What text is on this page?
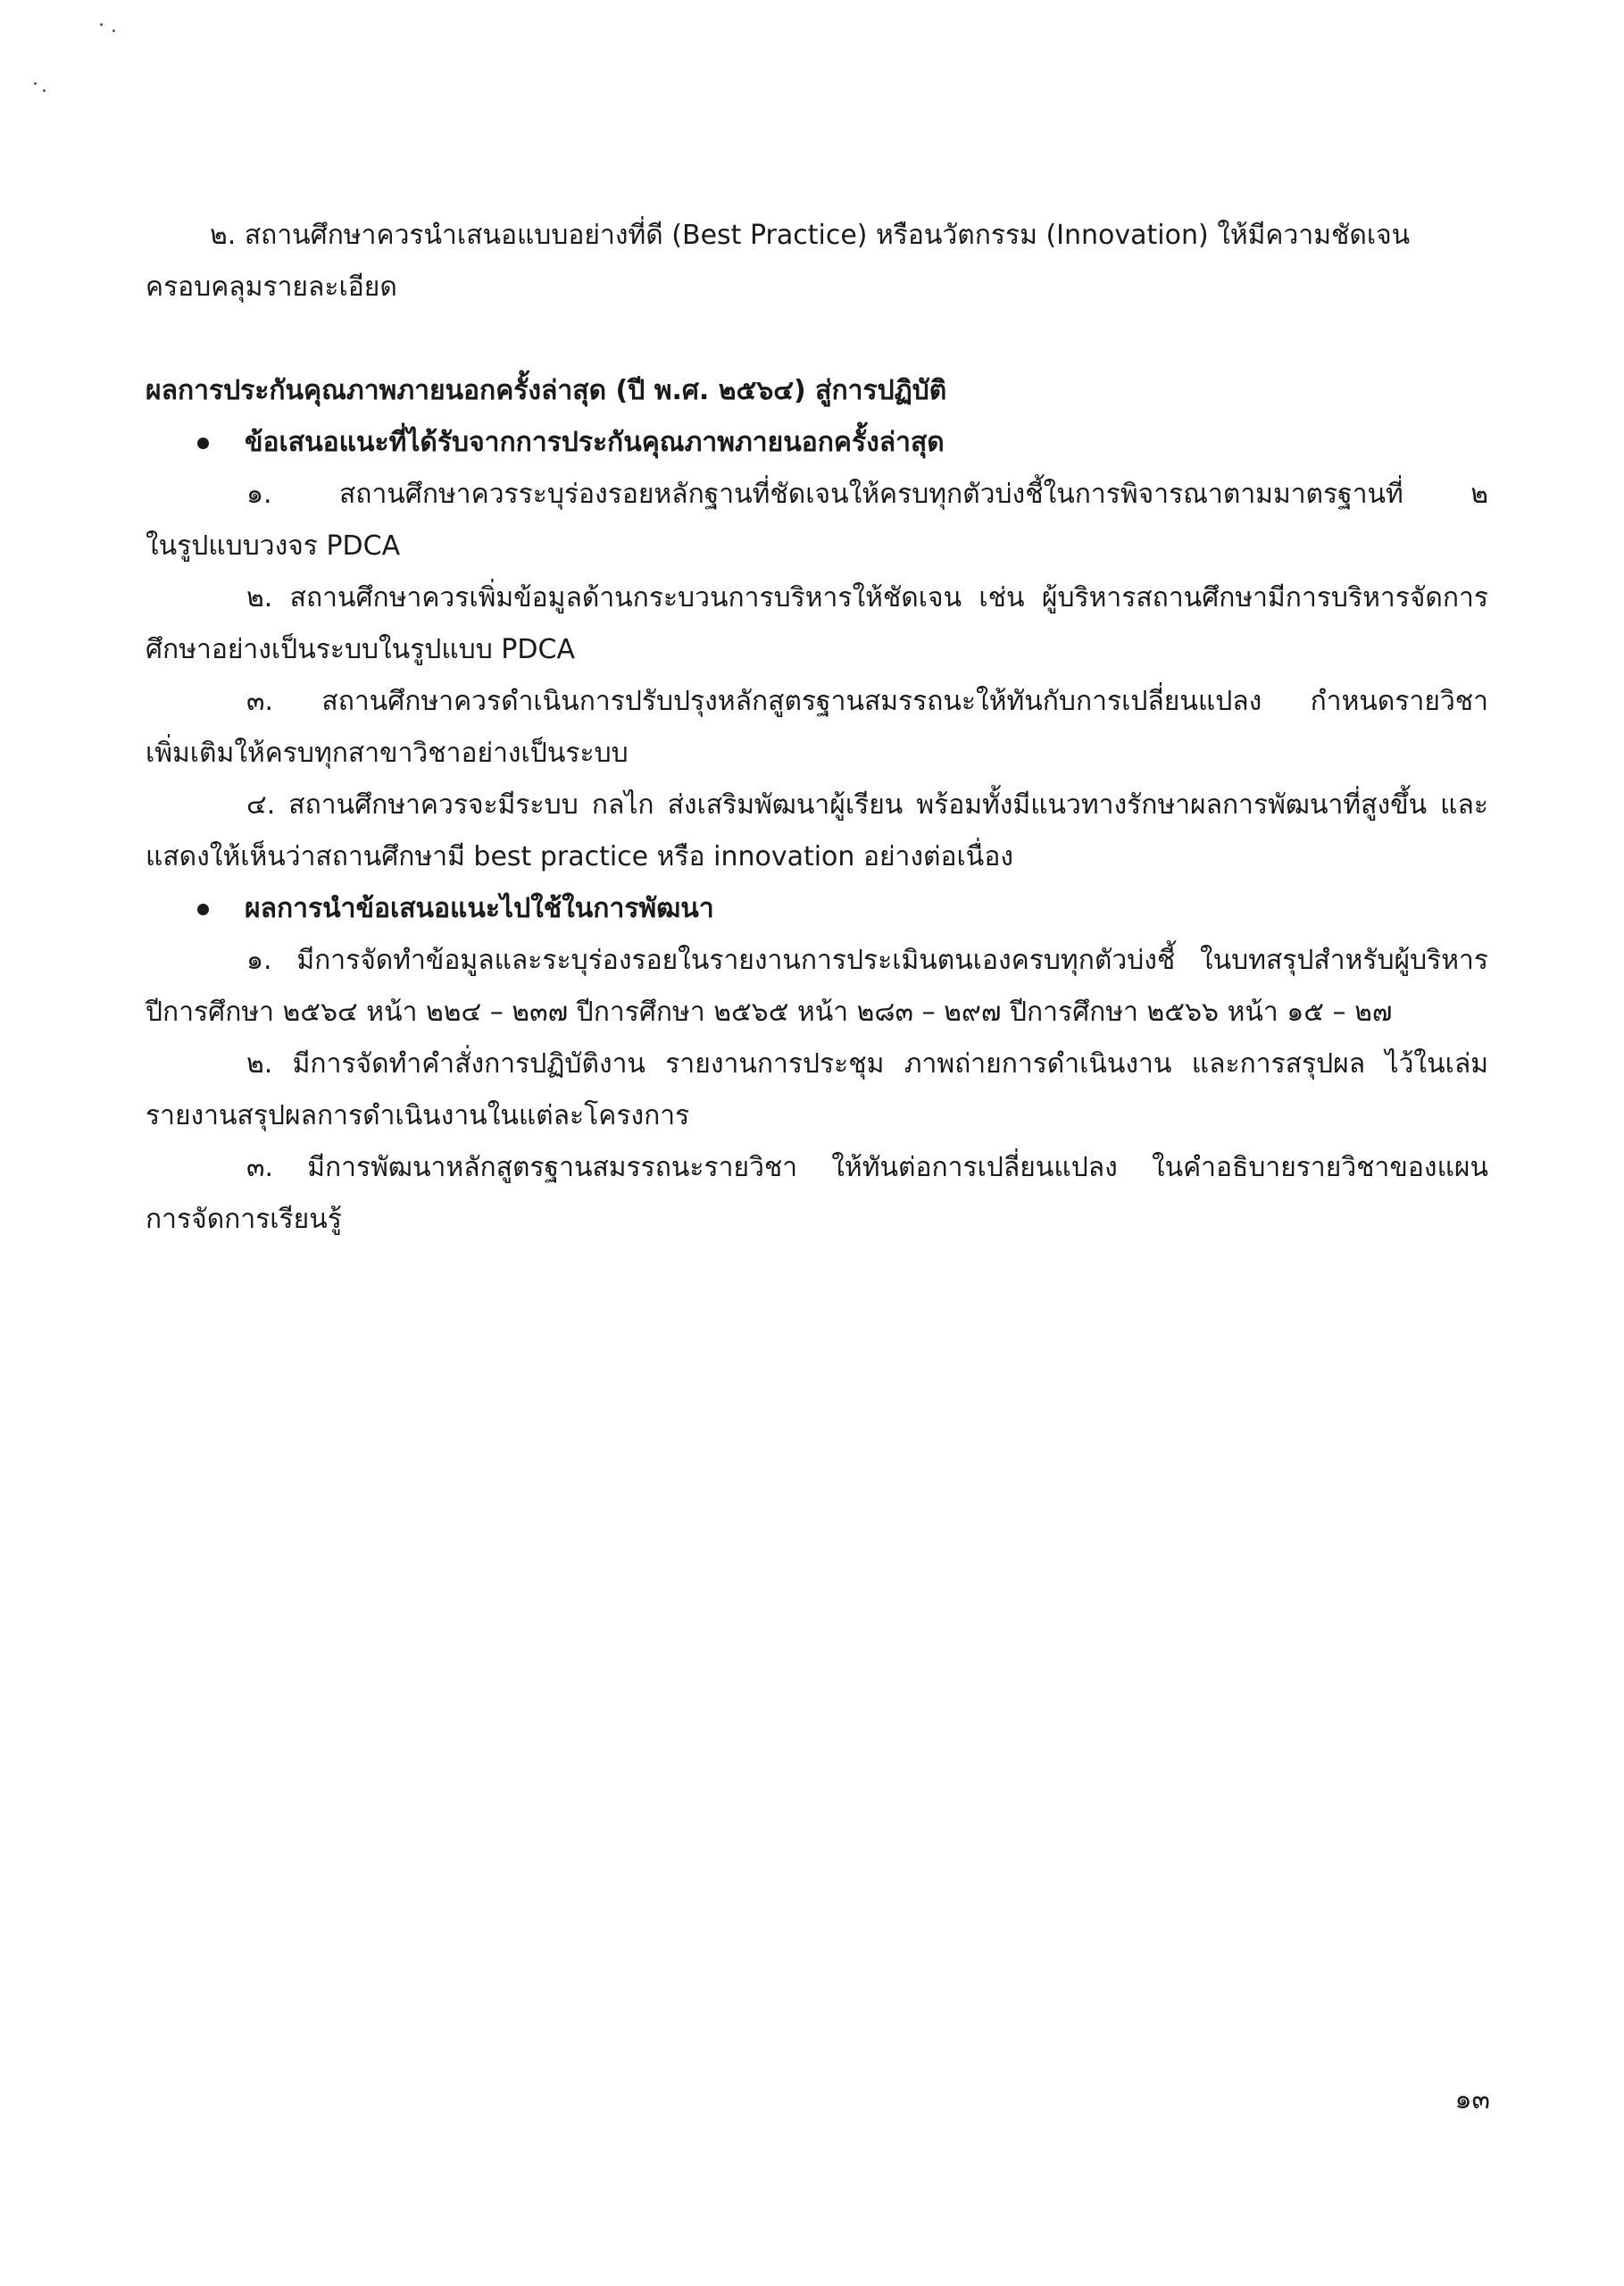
๒. สถานศึกษาควรนำเสนอแบบอย่างที่ดี (Best Practice) หรือนวัตกรรม (Innovation) ให้มีความชัดเจน
ครอบคลุมรายละเอียด

ผลการประกันคุณภาพภายนอกครั้งล่าสุด (ปี พ.ศ. ๒๕๖๔) สู่การปฏิบัติ

ข้อเสนอแนะที่ได้รับจากการประกันคุณภาพภายนอกครั้งล่าสุด

๑. สถานศึกษาควรระบุร่องรอยหลักฐานที่ชัดเจนให้ครบทุกตัวบ่งชี้ในการพิจารณาตามมาตรฐานที่ ๒
ในรูปแบบวงจร PDCA

๒. สถานศึกษาควรเพิ่มข้อมูลด้านกระบวนการบริหารให้ชัดเจน เช่น ผู้บริหารสถานศึกษามีการบริหารจัดการ
ศึกษาอย่างเป็นระบบในรูปแบบ PDCA

๓. สถานศึกษาควรดำเนินการปรับปรุงหลักสูตรฐานสมรรถนะให้ทันกับการเปลี่ยนแปลง กำหนดรายวิชา
เพิ่มเติมให้ครบทุกสาขาวิชาอย่างเป็นระบบ

๔. สถานศึกษาควรจะมีระบบ กลไก ส่งเสริมพัฒนาผู้เรียน พร้อมทั้งมีแนวทางรักษาผลการพัฒนาที่สูงขึ้น และ
แสดงให้เห็นว่าสถานศึกษามี best practice หรือ innovation อย่างต่อเนื่อง

ผลการนำข้อเสนอแนะไปใช้ในการพัฒนา

๑. มีการจัดทำข้อมูลและระบุร่องรอยในรายงานการประเมินตนเองครบทุกตัวบ่งชี้ ในบทสรุปสำหรับผู้บริหาร
ปีการศึกษา ๒๕๖๔ หน้า ๒๒๔ – ๒๓๗ ปีการศึกษา ๒๕๖๕ หน้า ๒๘๓ – ๒๙๗ ปีการศึกษา ๒๕๖๖ หน้า ๑๕ – ๒๗

๒. มีการจัดทำคำสั่งการปฏิบัติงาน รายงานการประชุม ภาพถ่ายการดำเนินงาน และการสรุปผล ไว้ในเล่ม
รายงานสรุปผลการดำเนินงานในแต่ละโครงการ

๓. มีการพัฒนาหลักสูตรฐานสมรรถนะรายวิชา ให้ทันต่อการเปลี่ยนแปลง ในคำอธิบายรายวิชาของแผน
การจัดการเรียนรู้

๑๓
